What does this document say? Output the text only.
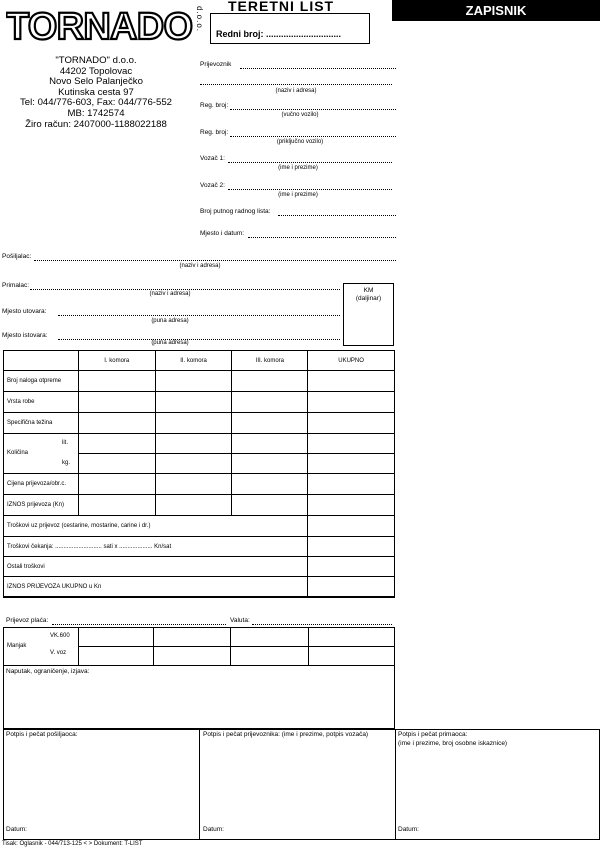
TORNADO d.o.o. TERETNI LIST
Redni broj: ..............................
ZAPISNIK
"TORNADO" d.o.o.
44202 Topolovac
Novo Selo Palanječko
Kutinska cesta 97
Tel: 044/776-603, Fax: 044/776-552
MB: 1742574
Žiro račun: 2407000-1188022188
Prijevoznik
(naziv i adresa)
Reg. broj:
(vučno vozilo)
Reg. broj:
(priključno vozilo)
Vozač 1:
(ime i prezime)
Vozač 2:
(ime i prezime)
Broj putnog radnog lista:
Mjesto i datum:
Pošiljalac:
(naziv i adresa)
Primalac:
(naziv i adresa)
Mjesto utovara:
(puna adresa)
Mjesto istovara:
(puna adresa)
KM
(daljinar)
	I. komora	II. komora	III. komora	UKUPNO
Broj naloga otpreme				
Vrsta robe				
Specifična težina				

Količina
lit.
kg.				

Cijena prijevoza/obr.c.				
IZNOS prijevoza (Kn)				
Troškovi uz prijevoz (cestarine, mostarine, carine i dr.)				
Troškovi čekanja: ............................ sati x .................... Kn/sat				
Ostali troškovi				
IZNOS PRIJEVOZA UKUPNO u Kn				
Prijevoz plaća:	Valuta:
Manjak
VK.600
V. voz				

Naputak, ograničenje, izjava:
Potpis i pečat pošiljaoca:	Potpis i pečat prijevoznika: (ime i prezime, potpis vozača)	Potpis i pečat primaoca:
(ime i prezime, broj osobne iskaznice)
Datum:	Datum:	Datum:
Tisak: Oglasnik - 044/713-125 < > Dokument: T-LIST
